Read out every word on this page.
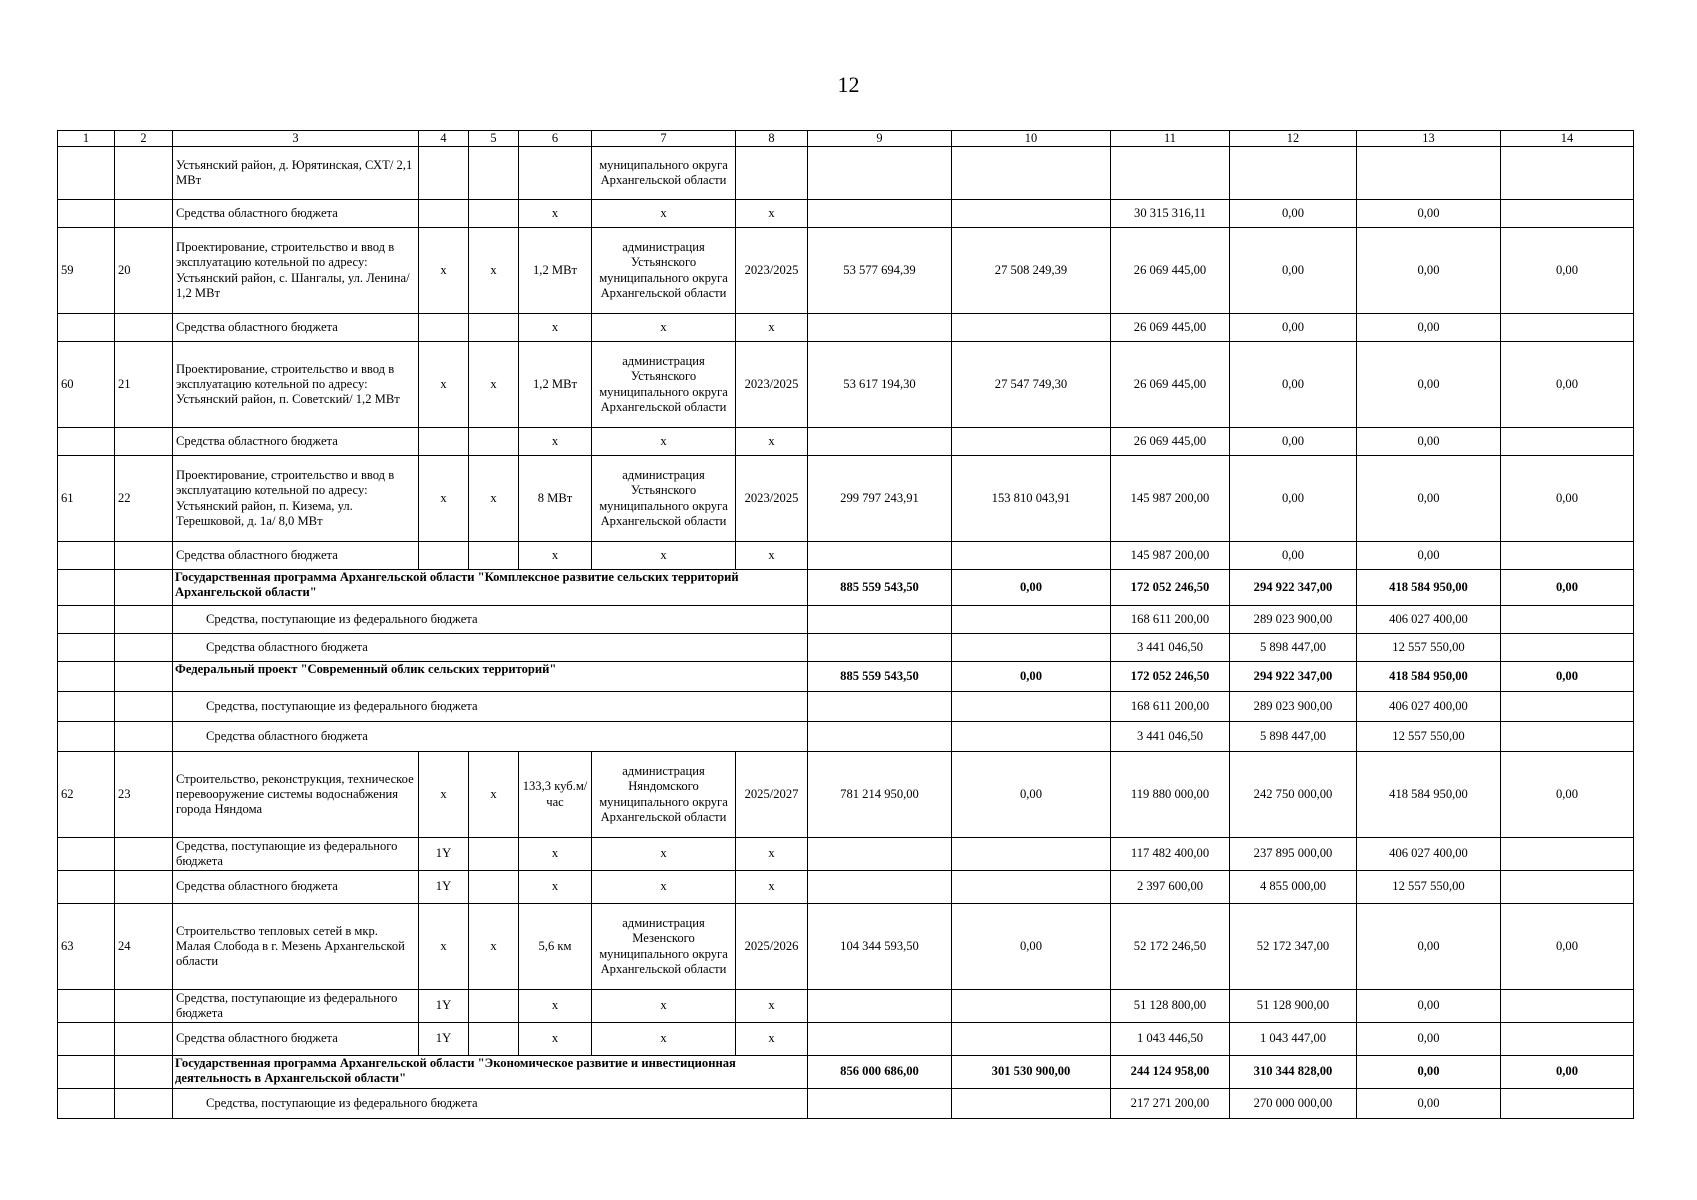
12
1	2	3	4	5	6	7	8	9	10	11	12	13	14
		Устьянский район, д. Юрятинская, СХТ/ 2,1 МВт				муниципального округа Архангельской области							
		Средства областного бюджета			x	x	x			30 315 316,11	0,00	0,00	
59	20	Проектирование, строительство и ввод в эксплуатацию котельной по адресу: Устьянский район, с. Шангалы, ул. Ленина/ 1,2 МВт	x	x	1,2 МВт	администрация Устьянского муниципального округа Архангельской области	2023/2025	53 577 694,39	27 508 249,39	26 069 445,00	0,00	0,00	0,00
		Средства областного бюджета			x	x	x			26 069 445,00	0,00	0,00	
60	21	Проектирование, строительство и ввод в эксплуатацию котельной по адресу: Устьянский район, п. Советский/ 1,2 МВт	x	x	1,2 МВт	администрация Устьянского муниципального округа Архангельской области	2023/2025	53 617 194,30	27 547 749,30	26 069 445,00	0,00	0,00	0,00
		Средства областного бюджета			x	x	x			26 069 445,00	0,00	0,00	
61	22	Проектирование, строительство и ввод в эксплуатацию котельной по адресу: Устьянский район, п. Кизема, ул. Терешковой, д. 1а/ 8,0 МВт	x	x	8 МВт	администрация Устьянского муниципального округа Архангельской области	2023/2025	299 797 243,91	153 810 043,91	145 987 200,00	0,00	0,00	0,00
		Средства областного бюджета			x	x	x			145 987 200,00	0,00	0,00	
		Государственная программа Архангельской области "Комплексное развитие сельских территорий Архангельской области"						885 559 543,50	0,00	172 052 246,50	294 922 347,00	418 584 950,00	0,00
		Средства, поступающие из федерального бюджета								168 611 200,00	289 023 900,00	406 027 400,00	
		Средства областного бюджета								3 441 046,50	5 898 447,00	12 557 550,00	
		Федеральный проект "Современный облик сельских территорий"						885 559 543,50	0,00	172 052 246,50	294 922 347,00	418 584 950,00	0,00
		Средства, поступающие из федерального бюджета								168 611 200,00	289 023 900,00	406 027 400,00	
		Средства областного бюджета								3 441 046,50	5 898 447,00	12 557 550,00	
62	23	Строительство, реконструкция, техническое перевооружение системы водоснабжения города Няндома	x	x	133,3 куб.м/час	администрация Няндомского муниципального округа Архангельской области	2025/2027	781 214 950,00	0,00	119 880 000,00	242 750 000,00	418 584 950,00	0,00
		Средства, поступающие из федерального бюджета	1Y		x	x	x			117 482 400,00	237 895 000,00	406 027 400,00	
		Средства областного бюджета	1Y		x	x	x			2 397 600,00	4 855 000,00	12 557 550,00	
63	24	Строительство тепловых сетей в мкр. Малая Слобода в г. Мезень Архангельской области	x	x	5,6 км	администрация Мезенского муниципального округа Архангельской области	2025/2026	104 344 593,50	0,00	52 172 246,50	52 172 347,00	0,00	0,00
		Средства, поступающие из федерального бюджета	1Y		x	x	x			51 128 800,00	51 128 900,00	0,00	
		Средства областного бюджета	1Y		x	x	x			1 043 446,50	1 043 447,00	0,00	
		Государственная программа Архангельской области "Экономическое развитие и инвестиционная деятельность в Архангельской области"						856 000 686,00	301 530 900,00	244 124 958,00	310 344 828,00	0,00	0,00
		Средства, поступающие из федерального бюджета								217 271 200,00	270 000 000,00	0,00	
